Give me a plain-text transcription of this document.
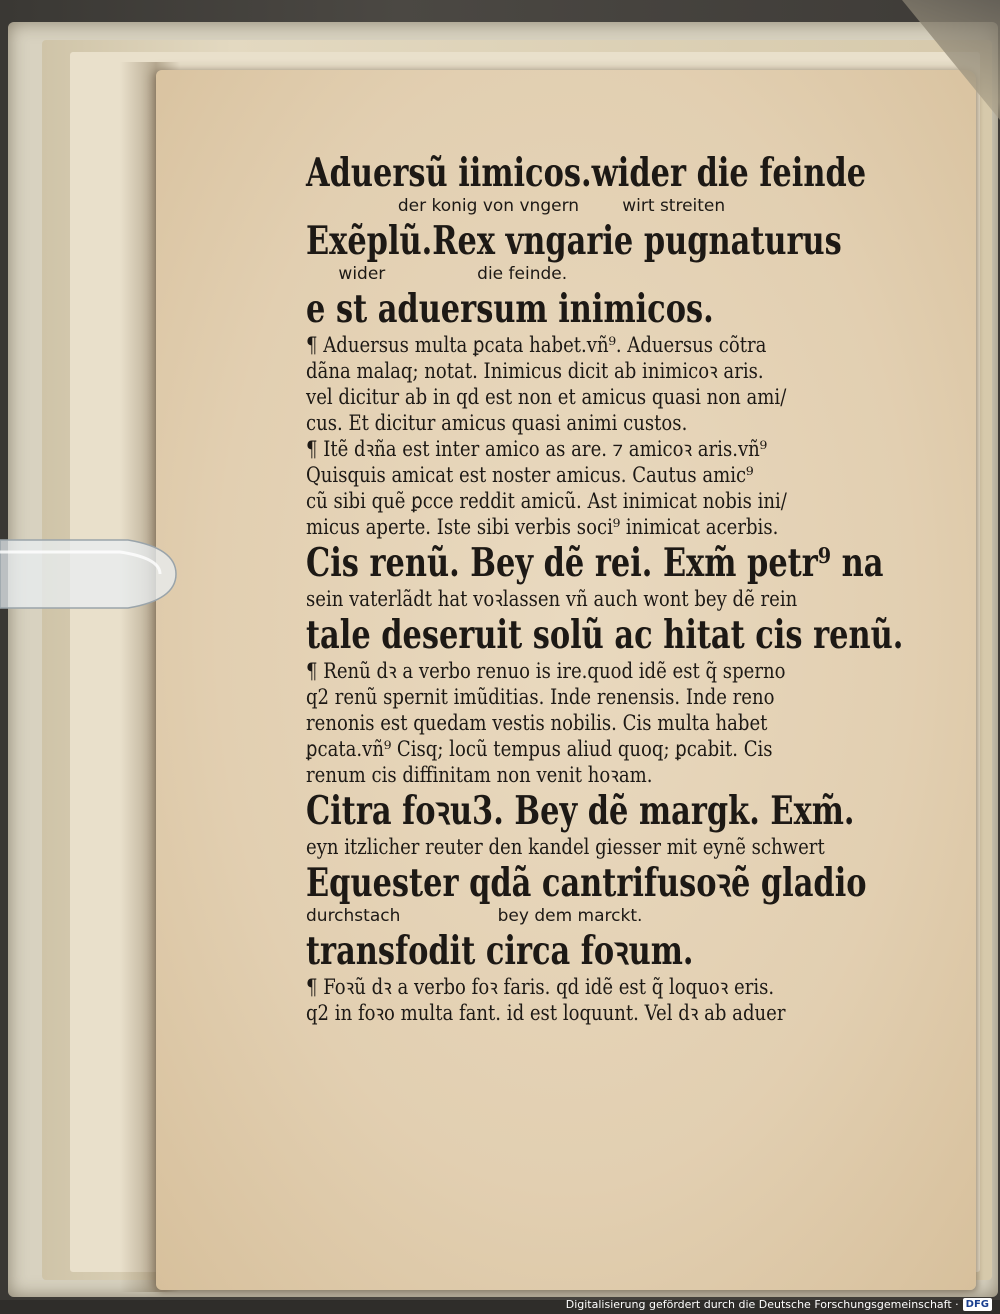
Aduersũ iimicos.wider die feinde
der konig von vngern        wirt streiten
Exẽplũ.Rex vngarie pugnaturus
wider                 die feinde.
e st aduersum inimicos.
¶ Aduersus multa ꝑcata habet.vñ⁹. Aduersus cõtra
dãna malaq; notat. Inimicus dicit ab inimicoꝛ aris.
vel dicitur ab in qd est non et amicus quasi non ami/
cus. Et dicitur amicus quasi animi custos.
¶ Itẽ dꝛña est inter amico as are. ⁊ amicoꝛ aris.vñ⁹
Quisquis amicat est noster amicus. Cautus amic⁹
cũ sibi quẽ ꝑcce reddit amicũ. Ast inimicat nobis ini/
micus aperte. Iste sibi verbis soci⁹ inimicat acerbis.
Cis renũ. Bey dẽ rei. Exm̃ petr⁹ na
sein vaterlãdt hat voꝛlassen vñ auch wont bey dẽ rein
tale deseruit solũ ac hitat cis renũ.
¶ Renũ dꝛ a verbo renuo is ire.quod idẽ est q̃ sperno
q2 renũ spernit imũditias. Inde renensis. Inde reno
renonis est quedam vestis nobilis. Cis multa habet
ꝑcata.vñ⁹ Cisq; locũ tempus aliud quoq; ꝑcabit. Cis
renum cis diffinitam non venit hoꝛam.
Citra foꝛu3. Bey dẽ margk. Exm̃.
eyn itzlicher reuter den kandel giesser mit eynẽ schwert
Equester qdã cantrifusoꝛẽ gladio
durchstach                  bey dem marckt.
transfodit circa foꝛum.
¶ Foꝛũ dꝛ a verbo foꝛ faris. qd idẽ est q̃ loquoꝛ eris.
q2 in foꝛo multa fant. id est loquunt. Vel dꝛ ab aduer
Digitalisierung gefördert durch die Deutsche Forschungsgemeinschaft · DFG
